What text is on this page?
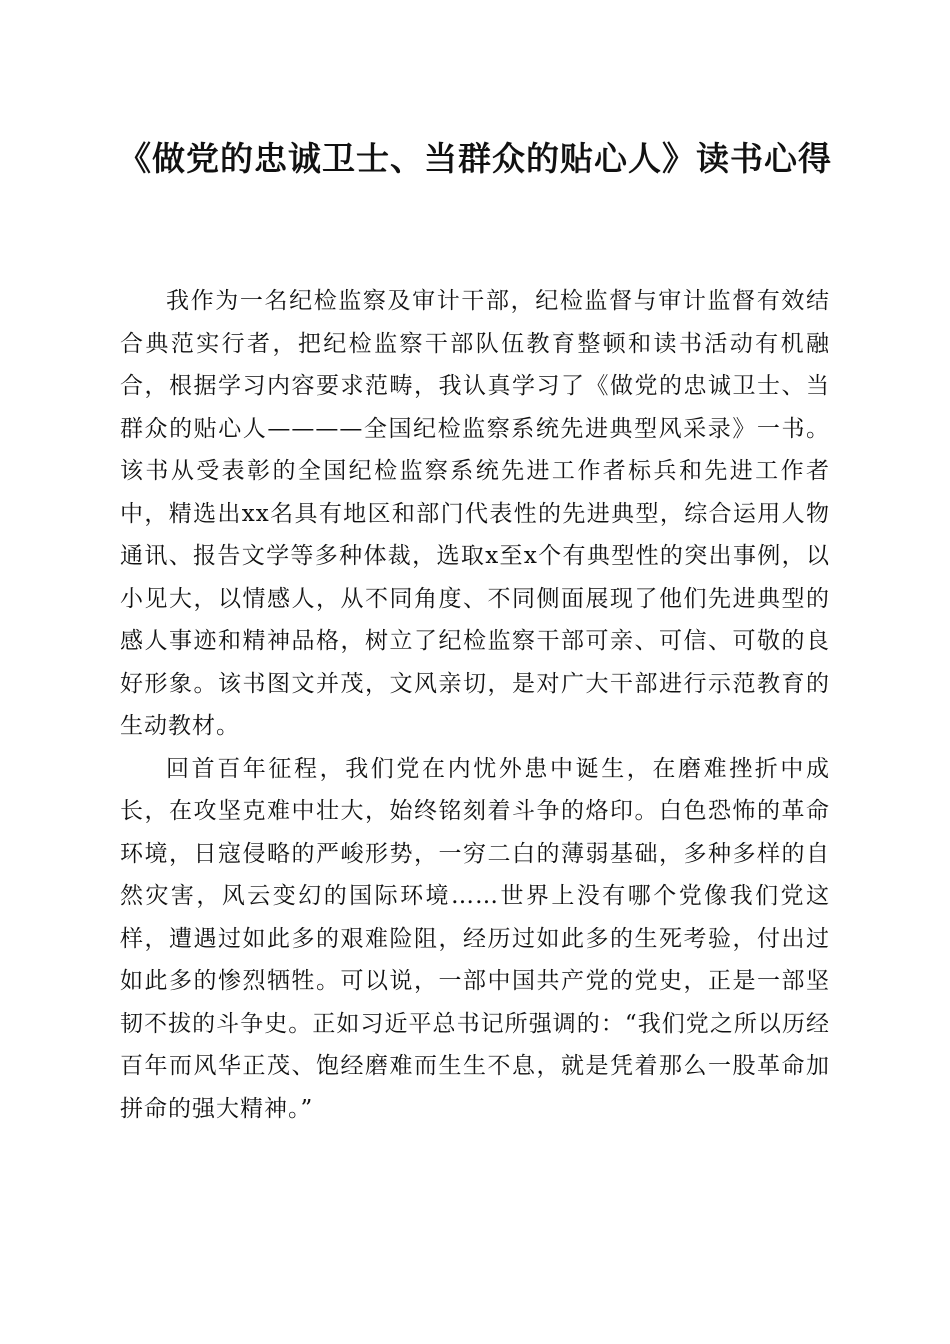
《做党的忠诚卫士、当群众的贴心人》读书心得

我作为一名纪检监察及审计干部，纪检监督与审计监督有效结合典范实行者，把纪检监察干部队伍教育整顿和读书活动有机融合，根据学习内容要求范畴，我认真学习了《做党的忠诚卫士、当群众的贴心人————全国纪检监察系统先进典型风采录》一书。该书从受表彰的全国纪检监察系统先进工作者标兵和先进工作者中，精选出xx名具有地区和部门代表性的先进典型，综合运用人物通讯、报告文学等多种体裁，选取x至x个有典型性的突出事例，以小见大，以情感人，从不同角度、不同侧面展现了他们先进典型的感人事迹和精神品格，树立了纪检监察干部可亲、可信、可敬的良好形象。该书图文并茂，文风亲切，是对广大干部进行示范教育的生动教材。

回首百年征程，我们党在内忧外患中诞生，在磨难挫折中成长，在攻坚克难中壮大，始终铭刻着斗争的烙印。白色恐怖的革命环境，日寇侵略的严峻形势，一穷二白的薄弱基础，多种多样的自然灾害，风云变幻的国际环境……世界上没有哪个党像我们党这样，遭遇过如此多的艰难险阻，经历过如此多的生死考验，付出过如此多的惨烈牺牲。可以说，一部中国共产党的党史，正是一部坚韧不拔的斗争史。正如习近平总书记所强调的：“我们党之所以历经百年而风华正茂、饱经磨难而生生不息，就是凭着那么一股革命加拼命的强大精神。”
